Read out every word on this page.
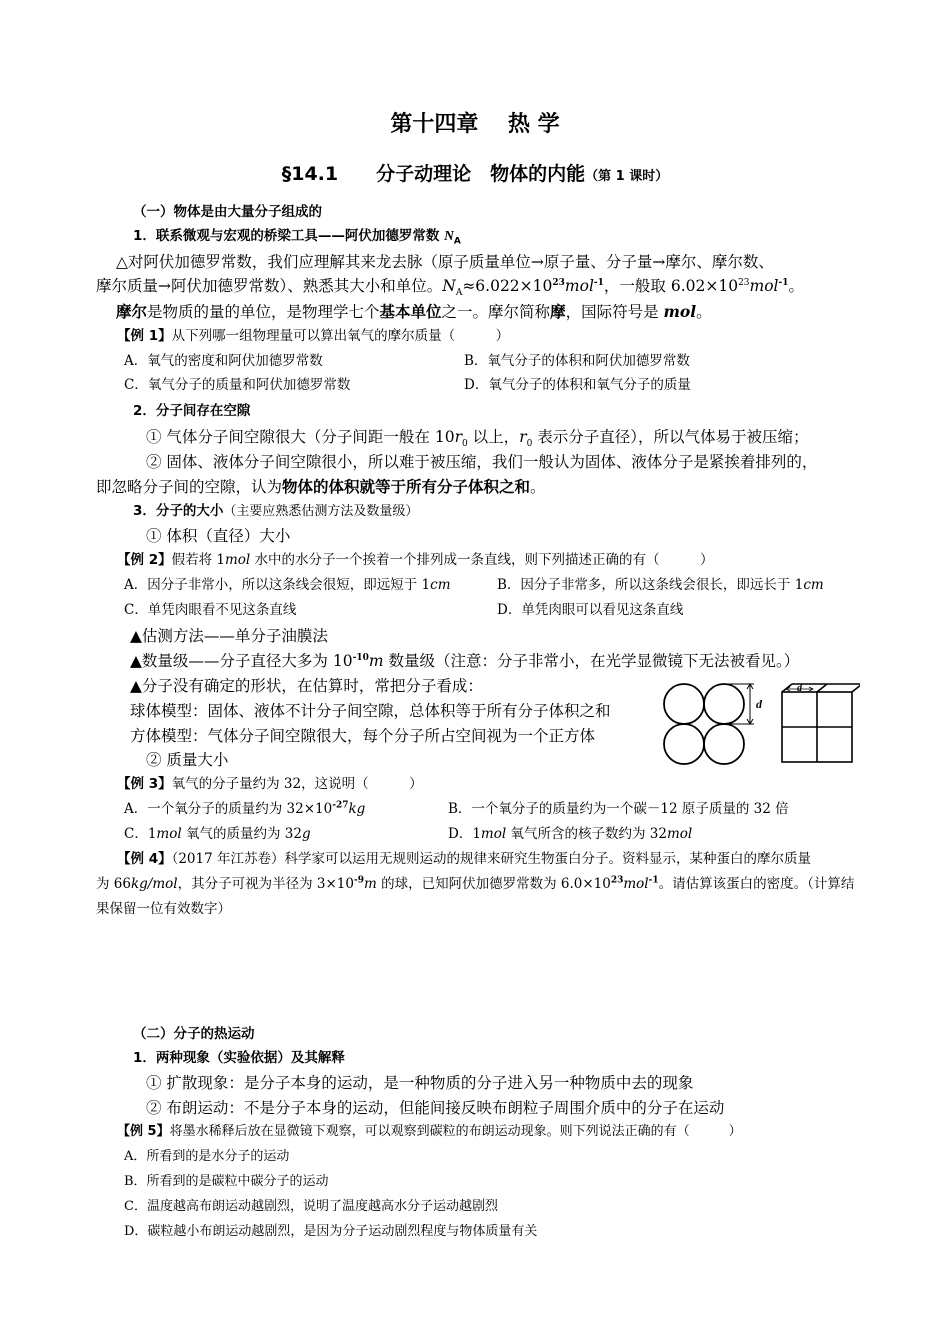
第十四章　 热 学
§14.1　　 分子动理论　物体的内能（第 1 课时）
（一）物体是由大量分子组成的
1．联系微观与宏观的桥梁工具——阿伏加德罗常数 $N_A$
△对阿伏加德罗常数，我们应理解其来龙去脉（原子质量单位→原子量、分子量→摩尔、摩尔数、
摩尔质量→阿伏加德罗常数）、熟悉其大小和单位。$N_A\approx 6.022\times 10^{23}mol^{-1}$，一般取 $6.02\times 10^{23}mol^{-1}$。
摩尔是物质的量的单位，是物理学七个基本单位之一。摩尔简称摩，国际符号是 mol。
【例 1】从下列哪一组物理量可以算出氧气的摩尔质量（　　　）
A．氧气的密度和阿伏加德罗常数	B．氧气分子的体积和阿伏加德罗常数
C．氧气分子的质量和阿伏加德罗常数	D．氧气分子的体积和氧气分子的质量
2．分子间存在空隙
① 气体分子间空隙很大（分子间距一般在 $10r_0$ 以上，$r_0$ 表示分子直径），所以气体易于被压缩；
② 固体、液体分子间空隙很小，所以难于被压缩，我们一般认为固体、液体分子是紧挨着排列的，
即忽略分子间的空隙，认为物体的体积就等于所有分子体积之和。
3．分子的大小（主要应熟悉估测方法及数量级）
① 体积（直径）大小
【例 2】假若将 1mol 水中的水分子一个挨着一个排列成一条直线，则下列描述正确的有（　　　）
A．因分子非常小，所以这条线会很短，即远短于 1cm	B．因分子非常多，所以这条线会很长，即远长于 1cm
C．单凭肉眼看不见这条直线	D．单凭肉眼可以看见这条直线
▲估测方法——单分子油膜法
▲数量级——分子直径大多为 $10^{-10}m$ 数量级（注意：分子非常小，在光学显微镜下无法被看见。）
▲分子没有确定的形状，在估算时，常把分子看成：
球体模型：固体、液体不计分子间空隙，总体积等于所有分子体积之和
方体模型：气体分子间空隙很大，每个分子所占空间视为一个正方体
② 质量大小
d
d
【例 3】氧气的分子量约为 32，这说明（　　　）
A．一个氧分子的质量约为 $32\times 10^{-27}kg$	B．一个氧分子的质量约为一个碳－12 原子质量的 32 倍
C．1mol 氧气的质量约为 32g	D．1mol 氧气所含的核子数约为 32mol
【例 4】（2017 年江苏卷）科学家可以运用无规则运动的规律来研究生物蛋白分子。资料显示，某种蛋白的摩尔质量
为 66kg/mol，其分子可视为半径为 $3\times 10^{-9}m$ 的球，已知阿伏加德罗常数为 $6.0\times 10^{23}mol^{-1}$。请估算该蛋白的密度。（计算结
果保留一位有效数字）
（二）分子的热运动
1．两种现象（实验依据）及其解释
① 扩散现象：是分子本身的运动，是一种物质的分子进入另一种物质中去的现象
② 布朗运动：不是分子本身的运动，但能间接反映布朗粒子周围介质中的分子在运动
【例 5】将墨水稀释后放在显微镜下观察，可以观察到碳粒的布朗运动现象。则下列说法正确的有（　　　）
A．所看到的是水分子的运动
B．所看到的是碳粒中碳分子的运动
C．温度越高布朗运动越剧烈，说明了温度越高水分子运动越剧烈
D．碳粒越小布朗运动越剧烈，是因为分子运动剧烈程度与物体质量有关
